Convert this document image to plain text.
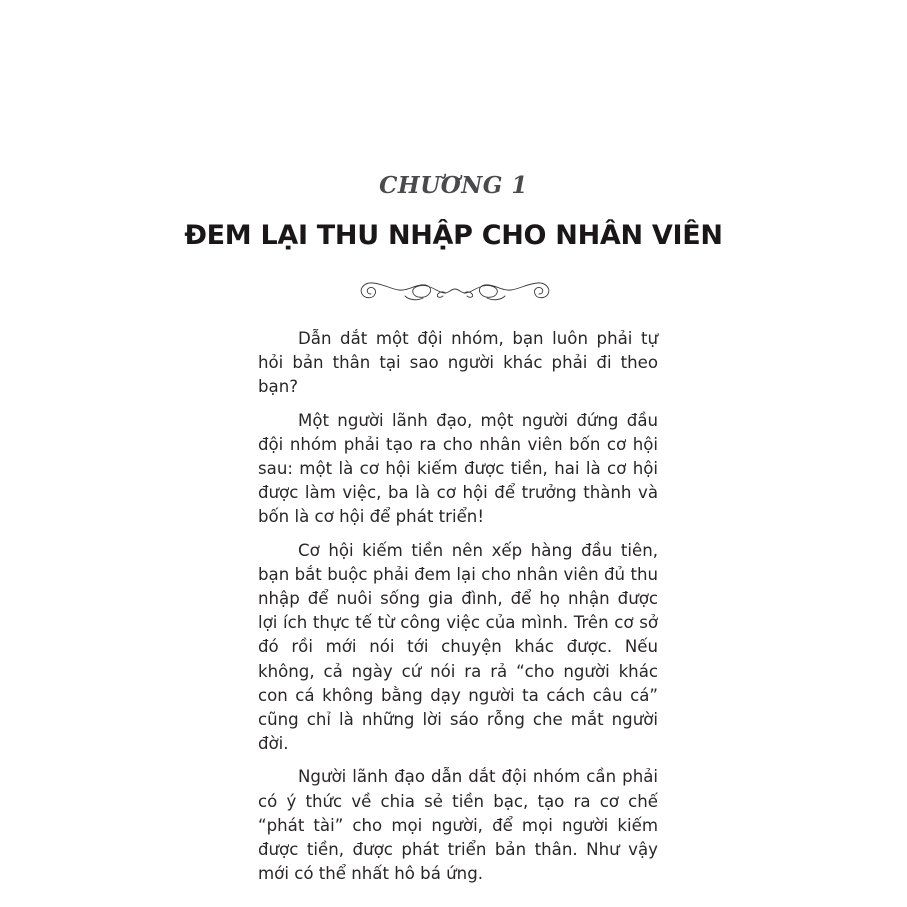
CHƯƠNG 1
ĐEM LẠI THU NHẬP CHO NHÂN VIÊN

Dẫn dắt một đội nhóm, bạn luôn phải tự hỏi bản thân tại sao người khác phải đi theo bạn?

Một người lãnh đạo, một người đứng đầu đội nhóm phải tạo ra cho nhân viên bốn cơ hội sau: một là cơ hội kiếm được tiền, hai là cơ hội được làm việc, ba là cơ hội để trưởng thành và bốn là cơ hội để phát triển!

Cơ hội kiếm tiền nên xếp hàng đầu tiên, bạn bắt buộc phải đem lại cho nhân viên đủ thu nhập để nuôi sống gia đình, để họ nhận được lợi ích thực tế từ công việc của mình. Trên cơ sở đó rồi mới nói tới chuyện khác được. Nếu không, cả ngày cứ nói ra rả “cho người khác con cá không bằng dạy người ta cách câu cá” cũng chỉ là những lời sáo rỗng che mắt người đời.

Người lãnh đạo dẫn dắt đội nhóm cần phải có ý thức về chia sẻ tiền bạc, tạo ra cơ chế “phát tài” cho mọi người, để mọi người kiếm được tiền, được phát triển bản thân. Như vậy mới có thể nhất hô bá ứng.
